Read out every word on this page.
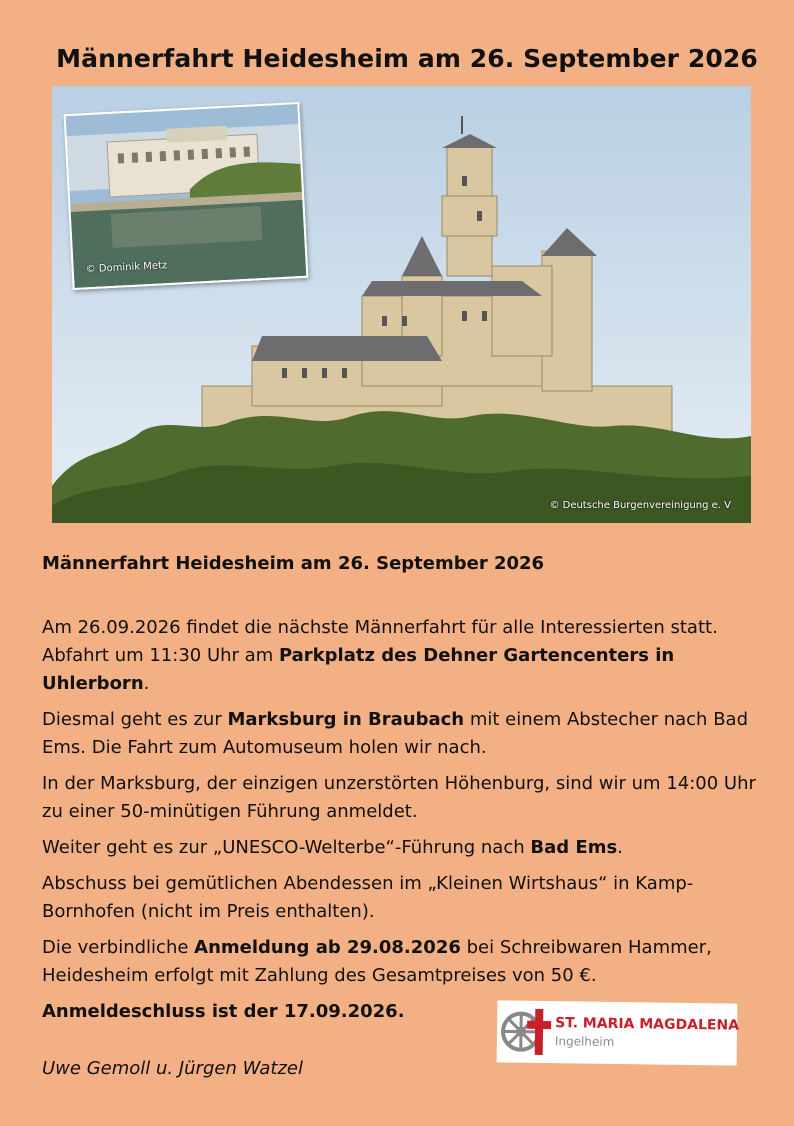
Männerfahrt Heidesheim am 26. September 2026
© Deutsche Burgenvereinigung e. V
© Dominik Metz

Männerfahrt Heidesheim am 26. September 2026

Am 26.09.2026 findet die nächste Männerfahrt für alle Interessierten statt. Abfahrt um 11:30 Uhr am Parkplatz des Dehner Gartencenters in Uhlerborn.

Diesmal geht es zur Marksburg in Braubach mit einem Abstecher nach Bad Ems. Die Fahrt zum Automuseum holen wir nach.

In der Marksburg, der einzigen unzerstörten Höhenburg, sind wir um 14:00 Uhr zu einer 50-minütigen Führung anmeldet.

Weiter geht es zur „UNESCO-Welterbe“-Führung nach Bad Ems.

Abschuss bei gemütlichen Abendessen im „Kleinen Wirtshaus“ in Kamp-Bornhofen (nicht im Preis enthalten).

Die verbindliche Anmeldung ab 29.08.2026 bei Schreibwaren Hammer, Heidesheim erfolgt mit Zahlung des Gesamtpreises von 50 €.

Anmeldeschluss ist der 17.09.2026.

Uwe Gemoll u. Jürgen Watzel
ST. MARIA MAGDALENA
Ingelheim
